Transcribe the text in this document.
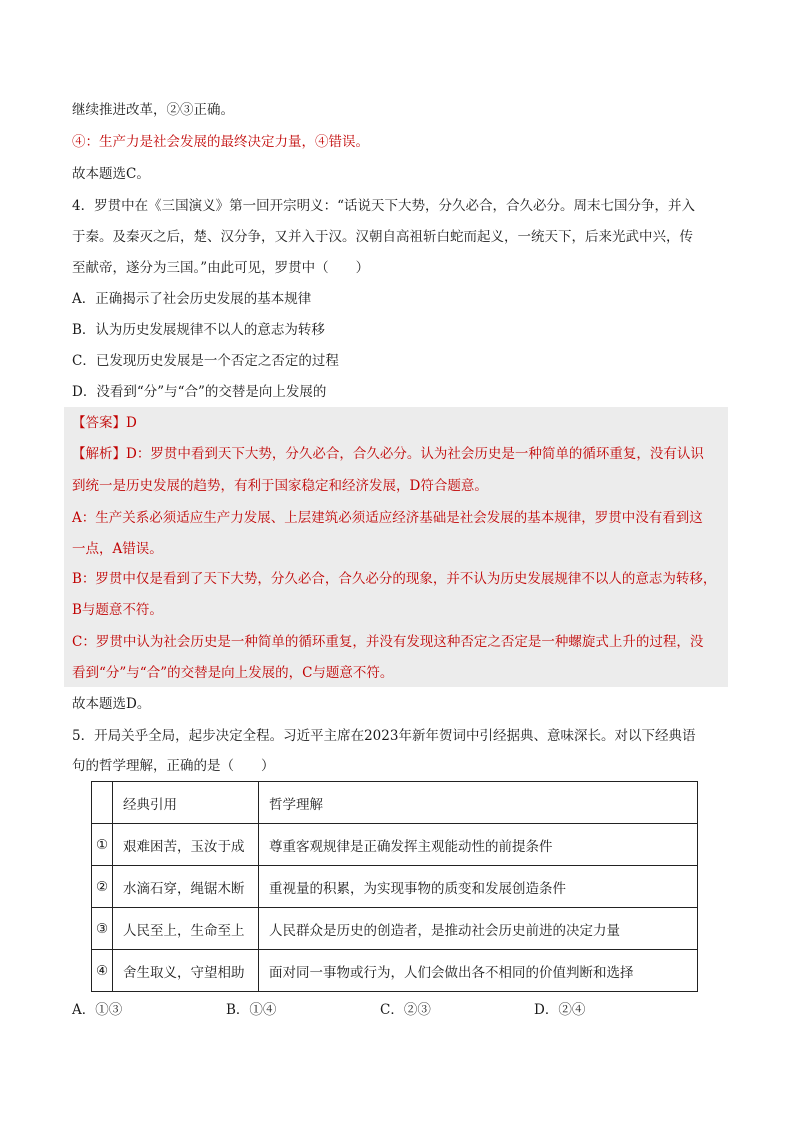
继续推进改革，②③正确。
④：生产力是社会发展的最终决定力量，④错误。
故本题选C。
4．罗贯中在《三国演义》第一回开宗明义：“话说天下大势，分久必合，合久必分。周末七国分争，并入
于秦。及秦灭之后，楚、汉分争，又并入于汉。汉朝自高祖斩白蛇而起义，一统天下，后来光武中兴，传
至献帝，遂分为三国。”由此可见，罗贯中（　　）
A．正确揭示了社会历史发展的基本规律
B．认为历史发展规律不以人的意志为转移
C．已发现历史发展是一个否定之否定的过程
D．没看到“分”与“合”的交替是向上发展的
【答案】D
【解析】D：罗贯中看到天下大势，分久必合，合久必分。认为社会历史是一种简单的循环重复，没有认识
到统一是历史发展的趋势，有利于国家稳定和经济发展，D符合题意。
A：生产关系必须适应生产力发展、上层建筑必须适应经济基础是社会发展的基本规律，罗贯中没有看到这
一点，A错误。
B：罗贯中仅是看到了天下大势，分久必合，合久必分的现象，并不认为历史发展规律不以人的意志为转移，
B与题意不符。
C：罗贯中认为社会历史是一种简单的循环重复，并没有发现这种否定之否定是一种螺旋式上升的过程，没
看到“分”与“合”的交替是向上发展的，C与题意不符。
故本题选D。
5．开局关乎全局，起步决定全程。习近平主席在2023年新年贺词中引经据典、意味深长。对以下经典语
句的哲学理解，正确的是（　　）
	经典引用	哲学理解
①	艰难困苦，玉汝于成	尊重客观规律是正确发挥主观能动性的前提条件
②	水滴石穿，绳锯木断	重视量的积累，为实现事物的质变和发展创造条件
③	人民至上，生命至上	人民群众是历史的创造者，是推动社会历史前进的决定力量
④	舍生取义，守望相助	面对同一事物或行为，人们会做出各不相同的价值判断和选择
A．①③	B．①④	C．②③	D．②④
